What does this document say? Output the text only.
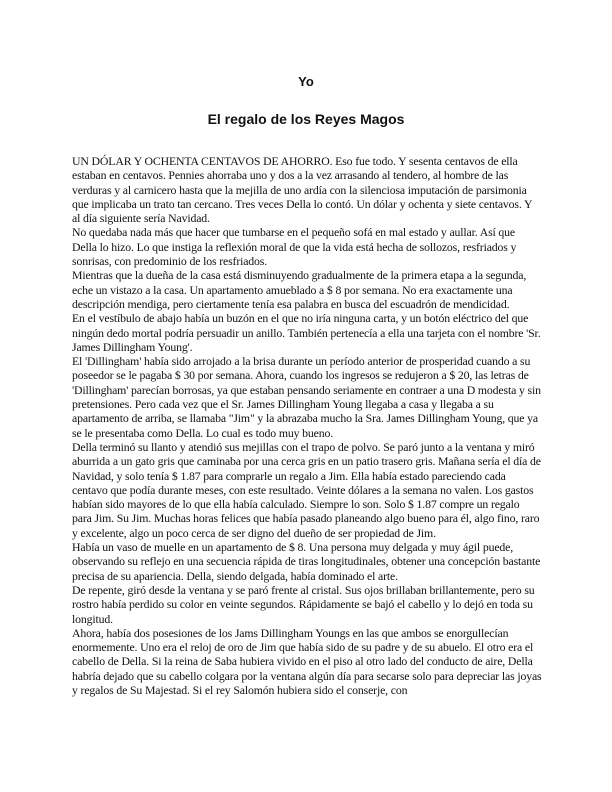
Yo
El regalo de los Reyes Magos

UN DÓLAR Y OCHENTA CENTAVOS DE AHORRO. Eso fue todo. Y sesenta centavos de ella estaban en centavos. Pennies ahorraba uno y dos a la vez arrasando al tendero, al hombre de las verduras y al carnicero hasta que la mejilla de uno ardía con la silenciosa imputación de parsimonia que implicaba un trato tan cercano. Tres veces Della lo contó. Un dólar y ochenta y siete centavos. Y al día siguiente sería Navidad.

No quedaba nada más que hacer que tumbarse en el pequeño sofá en mal estado y aullar. Así que Della lo hizo. Lo que instiga la reflexión moral de que la vida está hecha de sollozos, resfriados y sonrisas, con predominio de los resfriados.

Mientras que la dueña de la casa está disminuyendo gradualmente de la primera etapa a la segunda, eche un vistazo a la casa. Un apartamento amueblado a $ 8 por semana. No era exactamente una descripción mendiga, pero ciertamente tenía esa palabra en busca del escuadrón de mendicidad.

En el vestíbulo de abajo había un buzón en el que no iría ninguna carta, y un botón eléctrico del que ningún dedo mortal podría persuadir un anillo. También pertenecía a ella una tarjeta con el nombre 'Sr. James Dillingham Young'.

El 'Dillingham' había sido arrojado a la brisa durante un período anterior de prosperidad cuando a su poseedor se le pagaba $ 30 por semana. Ahora, cuando los ingresos se redujeron a $ 20, las letras de 'Dillingham' parecían borrosas, ya que estaban pensando seriamente en contraer a una D modesta y sin pretensiones. Pero cada vez que el Sr. James Dillingham Young llegaba a casa y llegaba a su apartamento de arriba, se llamaba "Jim" y la abrazaba mucho la Sra. James Dillingham Young, que ya se le presentaba como Della. Lo cual es todo muy bueno.

Della terminó su llanto y atendió sus mejillas con el trapo de polvo. Se paró junto a la ventana y miró aburrida a un gato gris que caminaba por una cerca gris en un patio trasero gris. Mañana sería el día de Navidad, y solo tenía $ 1.87 para comprarle un regalo a Jim. Ella había estado pareciendo cada centavo que podía durante meses, con este resultado. Veinte dólares a la semana no valen. Los gastos habían sido mayores de lo que ella había calculado. Siempre lo son. Solo $ 1.87 compre un regalo para Jim. Su Jim. Muchas horas felices que había pasado planeando algo bueno para él, algo fino, raro y excelente, algo un poco cerca de ser digno del dueño de ser propiedad de Jim.

Había un vaso de muelle en un apartamento de $ 8. Una persona muy delgada y muy ágil puede, observando su reflejo en una secuencia rápida de tiras longitudinales, obtener una concepción bastante precisa de su apariencia. Della, siendo delgada, había dominado el arte.

De repente, giró desde la ventana y se paró frente al cristal. Sus ojos brillaban brillantemente, pero su rostro había perdido su color en veinte segundos. Rápidamente se bajó el cabello y lo dejó en toda su longitud.

Ahora, había dos posesiones de los Jams Dillingham Youngs en las que ambos se enorgullecían enormemente. Uno era el reloj de oro de Jim que había sido de su padre y de su abuelo. El otro era el cabello de Della. Si la reina de Saba hubiera vivido en el piso al otro lado del conducto de aire, Della habría dejado que su cabello colgara por la ventana algún día para secarse solo para depreciar las joyas y regalos de Su Majestad. Si el rey Salomón hubiera sido el conserje, con
